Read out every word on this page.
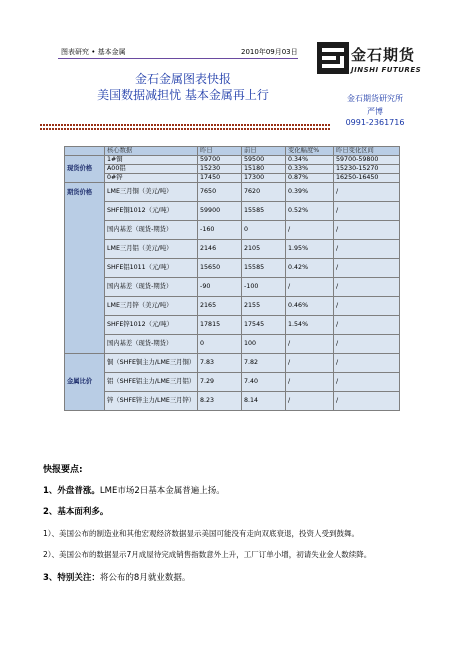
图表研究 • 基本金属	2010年09月03日	金石期货
JINSHI FUTURES
金石金属图表快报
美国数据减担忧 基本金属再上行	金石期货研究所
严博
0991-2361716
	核心数据	昨日	前日	变化幅度%	昨日变化区间
现货价格	1#铜	59700	59500	0.34%	59700-59800
	A00铝	15230	15180	0.33%	15230-15270
	0#锌	17450	17300	0.87%	16250-16450
期货价格	LME三月铜（美元/吨）	7650	7620	0.39%	/
	SHFE铜1012（元/吨）	59900	15585	0.52%	/
	国内基差（现货-期货）	-160	0	/	/
	LME三月铝（美元/吨）	2146	2105	1.95%	/
	SHFE铝1011（元/吨）	15650	15585	0.42%	/
	国内基差（现货-期货）	-90	-100	/	/
	LME三月锌（美元/吨）	2165	2155	0.46%	/
	SHFE锌1012（元/吨）	17815	17545	1.54%	/
	国内基差（现货-期货）	0	100	/	/
金属比价	铜（SHFE铜主力/LME三月铜）	7.83	7.82	/	/
	铝（SHFE铝主力/LME三月铝）	7.29	7.40	/	/
	锌（SHFE锌主力/LME三月锌）	8.23	8.14	/	/
快报要点:
1、外盘普涨。LME市场2日基本金属普遍上扬。
2、基本面利多。
1）、美国公布的制造业和其他宏观经济数据显示美国可能没有走向双底衰退，投资人受到鼓舞。
2）、美国公布的数据显示7月成屋待完成销售指数意外上升，工厂订单小增，初请失业金人数续降。
3、特别关注：将公布的8月就业数据。
